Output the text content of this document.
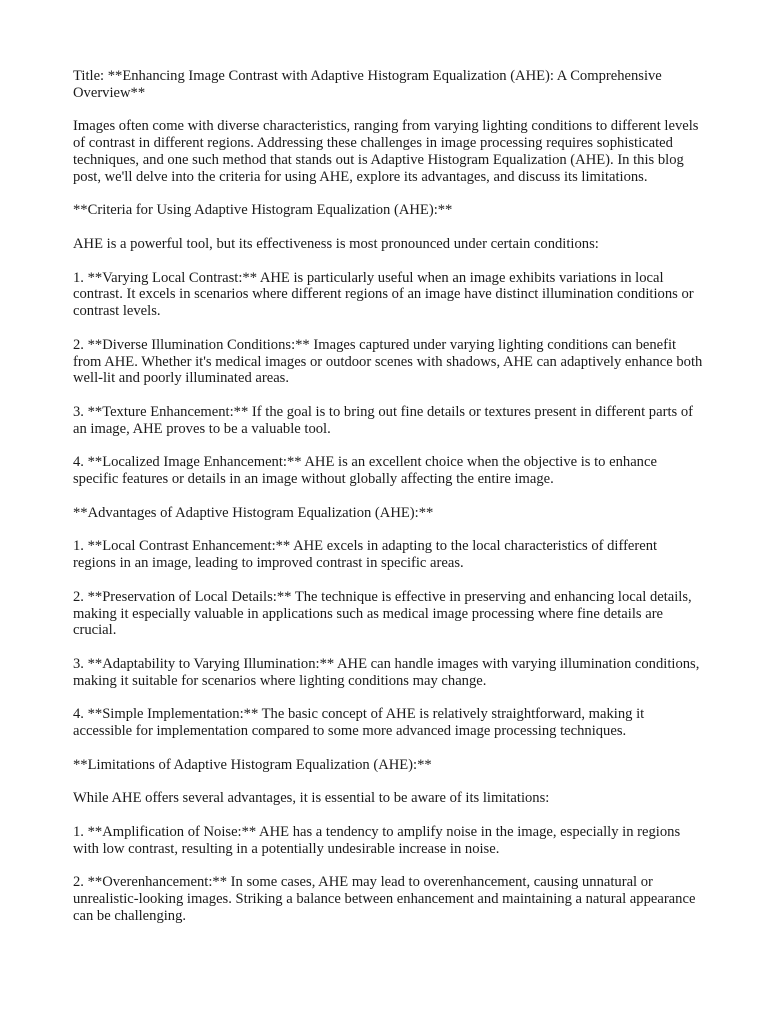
Title: **Enhancing Image Contrast with Adaptive Histogram Equalization (AHE): A Comprehensive Overview**

Images often come with diverse characteristics, ranging from varying lighting conditions to different levels of contrast in different regions. Addressing these challenges in image processing requires sophisticated techniques, and one such method that stands out is Adaptive Histogram Equalization (AHE). In this blog post, we'll delve into the criteria for using AHE, explore its advantages, and discuss its limitations.

**Criteria for Using Adaptive Histogram Equalization (AHE):**

AHE is a powerful tool, but its effectiveness is most pronounced under certain conditions:

1. **Varying Local Contrast:** AHE is particularly useful when an image exhibits variations in local contrast. It excels in scenarios where different regions of an image have distinct illumination conditions or contrast levels.

2. **Diverse Illumination Conditions:** Images captured under varying lighting conditions can benefit from AHE. Whether it's medical images or outdoor scenes with shadows, AHE can adaptively enhance both well-lit and poorly illuminated areas.

3. **Texture Enhancement:** If the goal is to bring out fine details or textures present in different parts of an image, AHE proves to be a valuable tool.

4. **Localized Image Enhancement:** AHE is an excellent choice when the objective is to enhance specific features or details in an image without globally affecting the entire image.

**Advantages of Adaptive Histogram Equalization (AHE):**

1. **Local Contrast Enhancement:** AHE excels in adapting to the local characteristics of different regions in an image, leading to improved contrast in specific areas.

2. **Preservation of Local Details:** The technique is effective in preserving and enhancing local details, making it especially valuable in applications such as medical image processing where fine details are crucial.

3. **Adaptability to Varying Illumination:** AHE can handle images with varying illumination conditions, making it suitable for scenarios where lighting conditions may change.

4. **Simple Implementation:** The basic concept of AHE is relatively straightforward, making it accessible for implementation compared to some more advanced image processing techniques.

**Limitations of Adaptive Histogram Equalization (AHE):**

While AHE offers several advantages, it is essential to be aware of its limitations:

1. **Amplification of Noise:** AHE has a tendency to amplify noise in the image, especially in regions with low contrast, resulting in a potentially undesirable increase in noise.

2. **Overenhancement:** In some cases, AHE may lead to overenhancement, causing unnatural or unrealistic-looking images. Striking a balance between enhancement and maintaining a natural appearance can be challenging.
